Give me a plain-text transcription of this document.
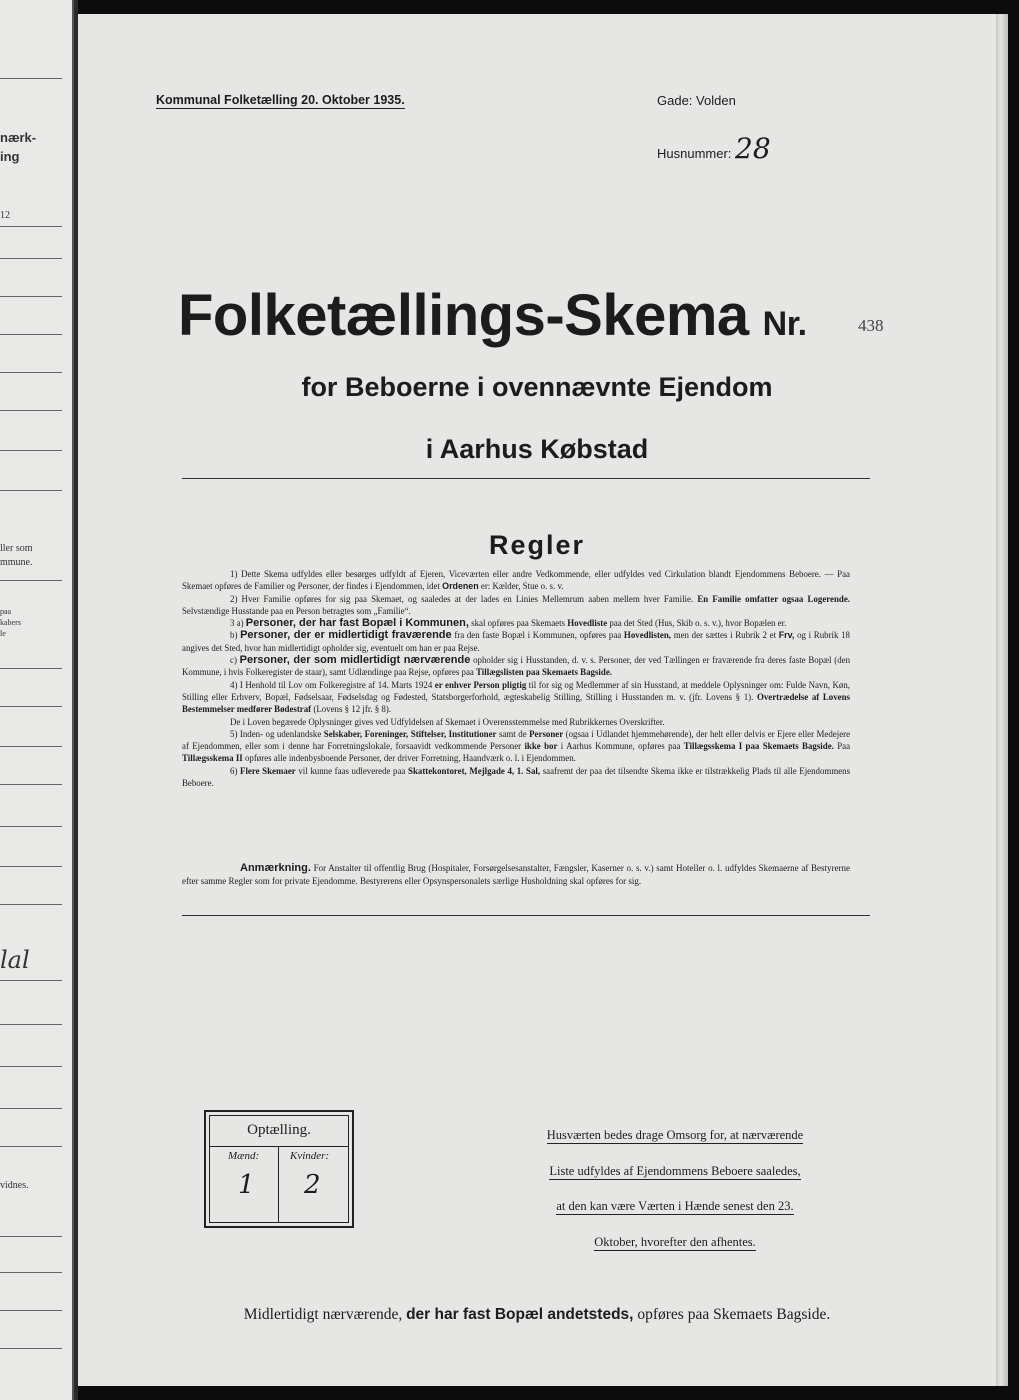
nærk-
ing
12
ller som
mmune.
paa
kabers
le
lal
vidnes.
Kommunal Folketælling 20. Oktober 1935.	Gade: Volden
Husnummer: 28
Folketællings-Skema Nr.	438
for Beboerne i ovennævnte Ejendom
i Aarhus Købstad
Regler

1) Dette Skema udfyldes eller besørges udfyldt af Ejeren, Viceværten eller andre Vedkommende, eller udfyldes ved Cirkulation blandt Ejendommens Beboere. — Paa Skemaet opføres de Familier og Personer, der findes i Ejendommen, idet Ordenen er: Kælder, Stue o. s. v.

2) Hver Familie opføres for sig paa Skemaet, og saaledes at der lades en Linies Mellemrum aaben mellem hver Familie. En Familie omfatter ogsaa Logerende. Selvstændige Husstande paa en Person betragtes som „Familie“.

3 a) Personer, der har fast Bopæl i Kommunen, skal opføres paa Skemaets Hovedliste paa det Sted (Hus, Skib o. s. v.), hvor Bopælen er.

b) Personer, der er midlertidigt fraværende fra den faste Bopæl i Kommunen, opføres paa Hovedlisten, men der sættes i Rubrik 2 et Frv, og i Rubrik 18 angives det Sted, hvor han midlertidigt opholder sig, eventuelt om han er paa Rejse.

c) Personer, der som midlertidigt nærværende opholder sig i Husstanden, d. v. s. Personer, der ved Tællingen er fraværende fra deres faste Bopæl (den Kommune, i hvis Folkeregister de staar), samt Udlændinge paa Rejse, opføres paa Tillægslisten paa Skemaets Bagside.

4) I Henhold til Lov om Folkeregistre af 14. Marts 1924 er enhver Person pligtig til for sig og Medlemmer af sin Husstand, at meddele Oplysninger om: Fulde Navn, Køn, Stilling eller Erhverv, Bopæl, Fødselsaar, Fødselsdag og Fødested, Statsborgerforhold, ægteskabelig Stilling, Stilling i Husstanden m. v. (jfr. Lovens § 1). Overtrædelse af Lovens Bestemmelser medfører Bødestraf (Lovens § 12 jfr. § 8).

De i Loven begærede Oplysninger gives ved Udfyldelsen af Skemaet i Overensstemmelse med Rubrikkernes Overskrifter.

5) Inden- og udenlandske Selskaber, Foreninger, Stiftelser, Institutioner samt de Personer (ogsaa i Udlandet hjemmehørende), der helt eller delvis er Ejere eller Medejere af Ejendommen, eller som i denne har Forretningslokale, forsaavidt vedkommende Personer ikke bor i Aarhus Kommune, opføres paa Tillægsskema I paa Skemaets Bagside. Paa Tillægsskema II opføres alle indenbysboende Personer, der driver Forretning, Haandværk o. l. i Ejendommen.

6) Flere Skemaer vil kunne faas udleverede paa Skattekontoret, Mejlgade 4, 1. Sal, saafremt der paa det tilsendte Skema ikke er tilstrækkelig Plads til alle Ejendommens Beboere.

Anmærkning. For Anstalter til offentlig Brug (Hospitaler, Forsørgelsesanstalter, Fængsler, Kaserner o. s. v.) samt Hoteller o. l. udfyldes Skemaerne af Bestyrerne efter samme Regler som for private Ejendomme. Bestyrerens eller Opsynspersonalets særlige Husholdning skal opføres for sig.
Optælling.
Mænd:	Kvinder:
1 2
Husværten bedes drage Omsorg for, at nærværende
Liste udfyldes af Ejendommens Beboere saaledes,
at den kan være Værten i Hænde senest den 23.
Oktober, hvorefter den afhentes.
Midlertidigt nærværende, der har fast Bopæl andetsteds, opføres paa Skemaets Bagside.
